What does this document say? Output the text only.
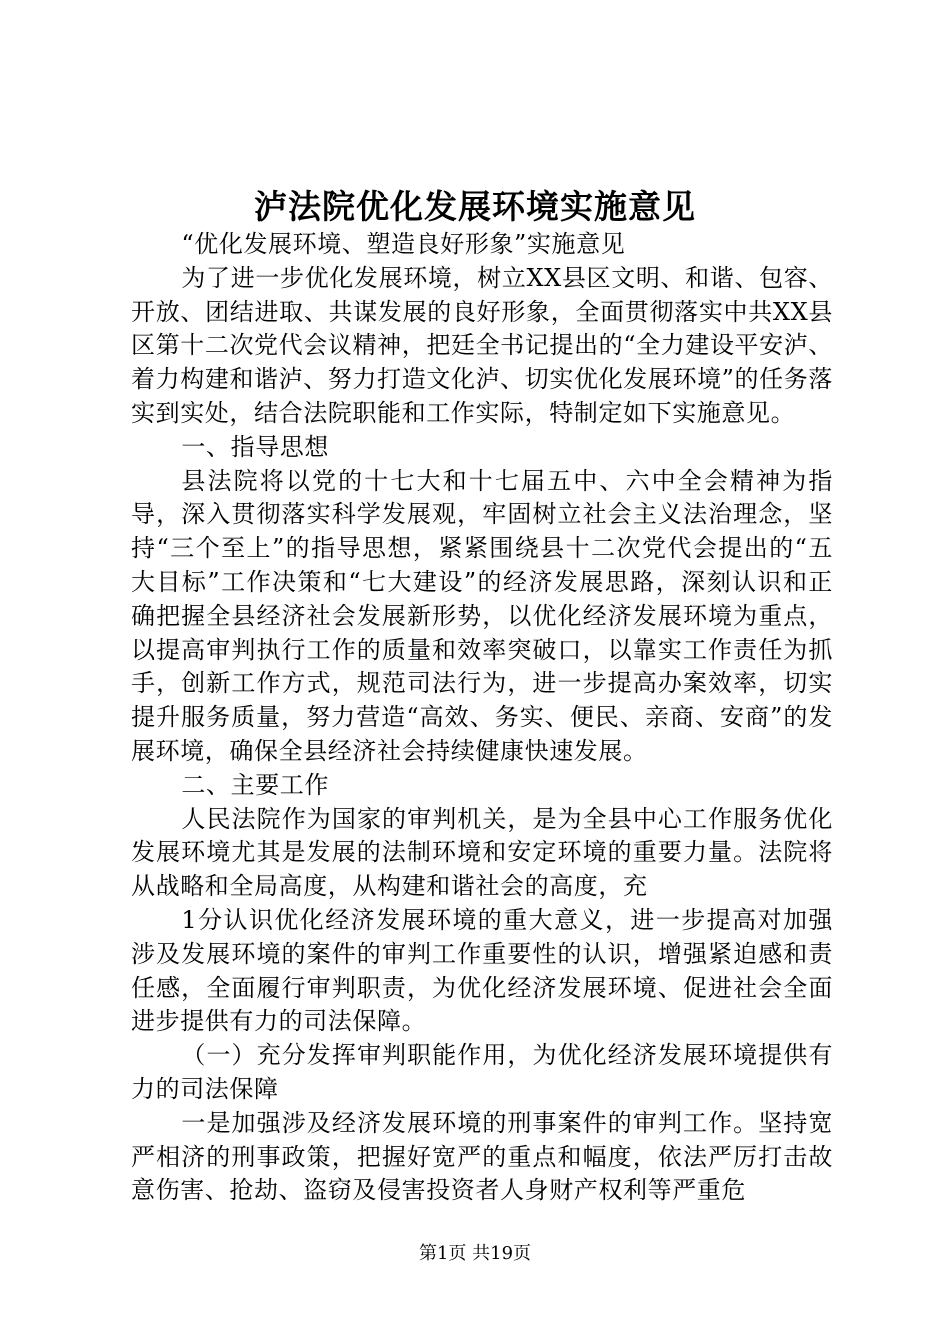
泸法院优化发展环境实施意见

“优化发展环境、塑造良好形象”实施意见

为了进一步优化发展环境，树立XX县区文明、和谐、包容、开放、团结进取、共谋发展的良好形象，全面贯彻落实中共XX县区第十二次党代会议精神，把廷全书记提出的“全力建设平安泸、着力构建和谐泸、努力打造文化泸、切实优化发展环境”的任务落实到实处，结合法院职能和工作实际，特制定如下实施意见。

一、指导思想

县法院将以党的十七大和十七届五中、六中全会精神为指导，深入贯彻落实科学发展观，牢固树立社会主义法治理念，坚持“三个至上”的指导思想，紧紧围绕县十二次党代会提出的“五大目标”工作决策和“七大建设”的经济发展思路，深刻认识和正确把握全县经济社会发展新形势，以优化经济发展环境为重点，以提高审判执行工作的质量和效率突破口，以靠实工作责任为抓手，创新工作方式，规范司法行为，进一步提高办案效率，切实提升服务质量，努力营造“高效、务实、便民、亲商、安商”的发展环境，确保全县经济社会持续健康快速发展。

二、主要工作

人民法院作为国家的审判机关，是为全县中心工作服务优化发展环境尤其是发展的法制环境和安定环境的重要力量。法院将从战略和全局高度，从构建和谐社会的高度，充

1分认识优化经济发展环境的重大意义，进一步提高对加强涉及发展环境的案件的审判工作重要性的认识，增强紧迫感和责任感，全面履行审判职责，为优化经济发展环境、促进社会全面进步提供有力的司法保障。

（一）充分发挥审判职能作用，为优化经济发展环境提供有力的司法保障

一是加强涉及经济发展环境的刑事案件的审判工作。坚持宽严相济的刑事政策，把握好宽严的重点和幅度，依法严厉打击故意伤害、抢劫、盗窃及侵害投资者人身财产权利等严重危

第1页 共19页
